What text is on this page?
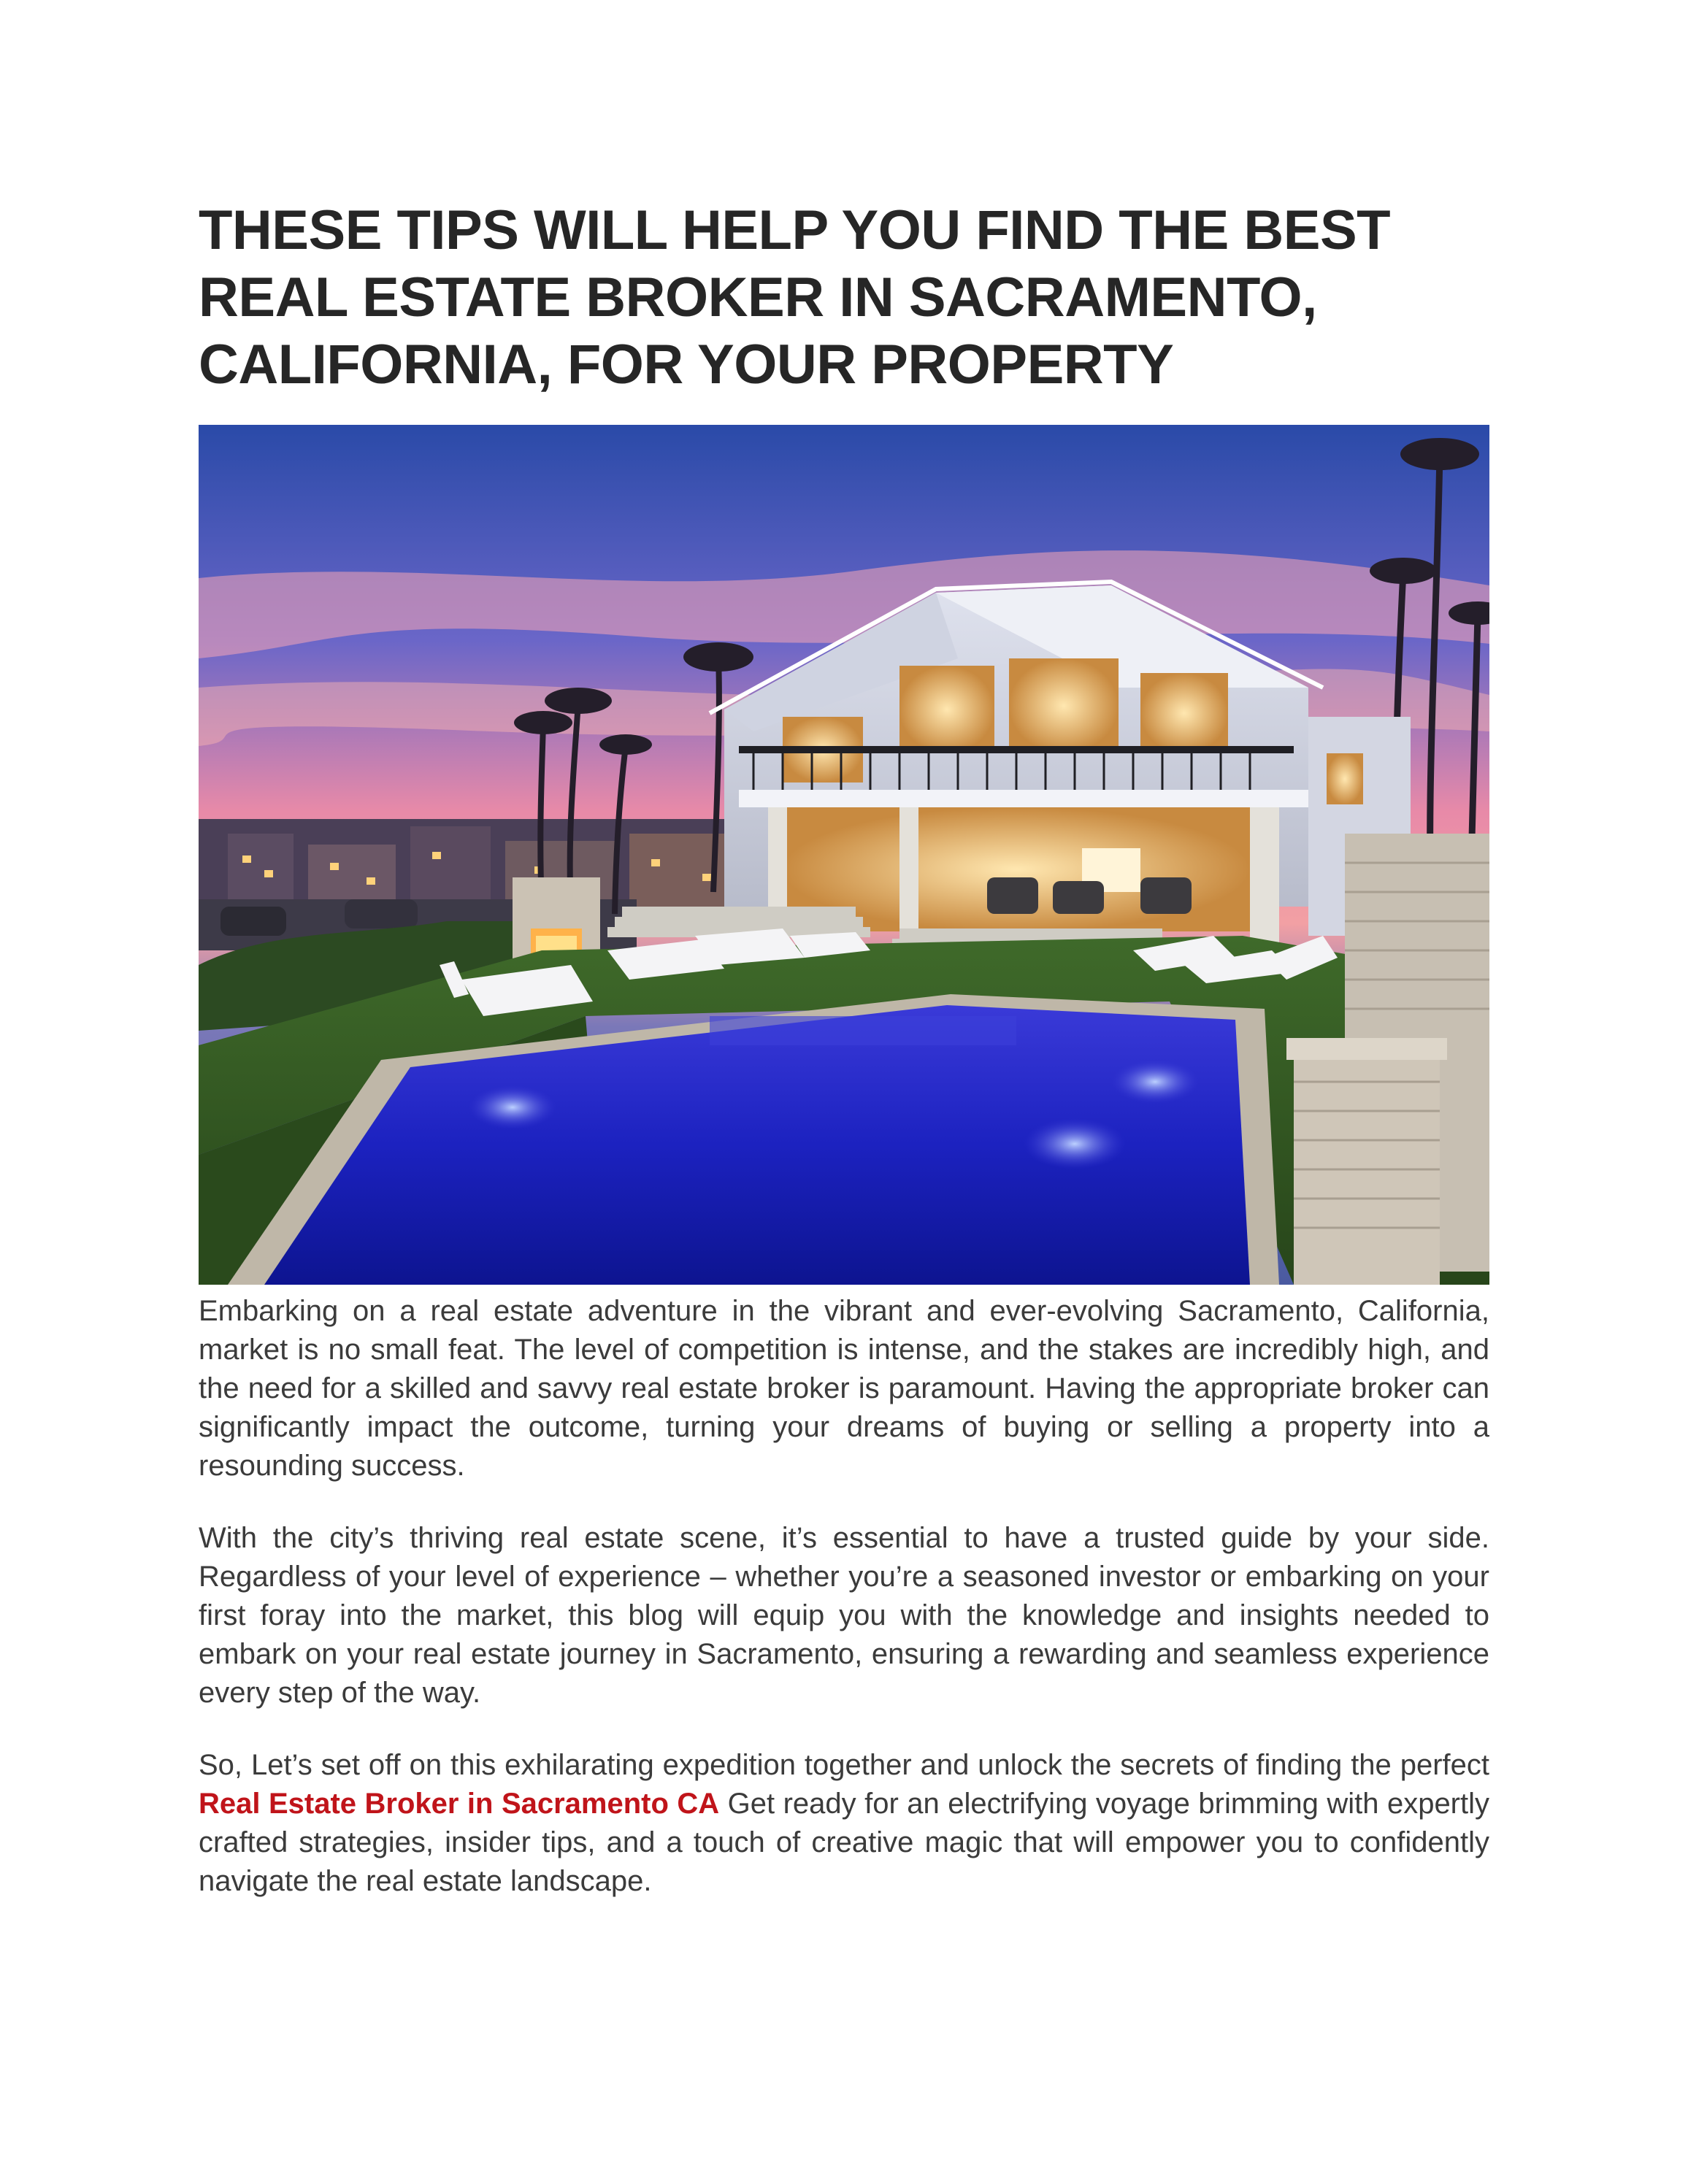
THESE TIPS WILL HELP YOU FIND THE BEST REAL ESTATE BROKER IN SACRAMENTO, CALIFORNIA, FOR YOUR PROPERTY

Embarking on a real estate adventure in the vibrant and ever-evolving Sacramento, California, market is no small feat. The level of competition is intense, and the stakes are incredibly high, and the need for a skilled and savvy real estate broker is paramount. Having the appropriate broker can significantly impact the outcome, turning your dreams of buying or selling a property into a resounding success.

With the city’s thriving real estate scene, it’s essential to have a trusted guide by your side. Regardless of your level of experience – whether you’re a seasoned investor or embarking on your first foray into the market, this blog will equip you with the knowledge and insights needed to embark on your real estate journey in Sacramento, ensuring a rewarding and seamless experience every step of the way.

So, Let’s set off on this exhilarating expedition together and unlock the secrets of finding the perfect Real Estate Broker in Sacramento CA Get ready for an electrifying voyage brimming with expertly crafted strategies, insider tips, and a touch of creative magic that will empower you to confidently navigate the real estate landscape.
